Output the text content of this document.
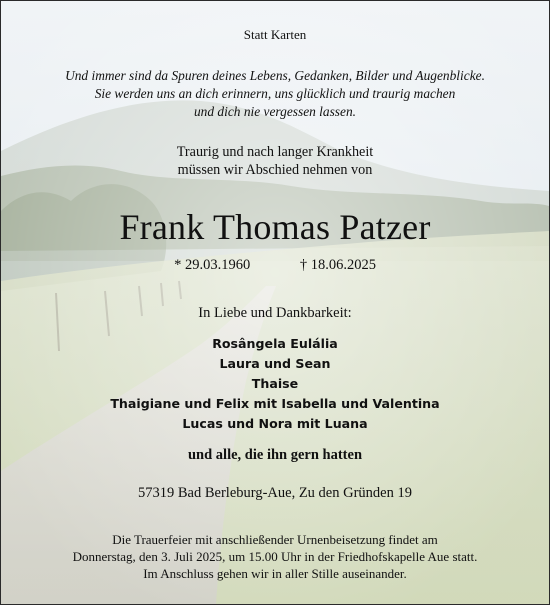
Statt Karten
Und immer sind da Spuren deines Lebens, Gedanken, Bilder und Augenblicke.
Sie werden uns an dich erinnern, uns glücklich und traurig machen
und dich nie vergessen lassen.
Traurig und nach langer Krankheit
müssen wir Abschied nehmen von
Frank Thomas Patzer
* 29.03.1960	† 18.06.2025
In Liebe und Dankbarkeit:
Rosângela Eulália
Laura und Sean
Thaise
Thaigiane und Felix mit Isabella und Valentina
Lucas und Nora mit Luana
und alle, die ihn gern hatten
57319 Bad Berleburg-Aue, Zu den Gründen 19
Die Trauerfeier mit anschließender Urnenbeisetzung findet am
Donnerstag, den 3. Juli 2025, um 15.00 Uhr in der Friedhofskapelle Aue statt.
Im Anschluss gehen wir in aller Stille auseinander.
